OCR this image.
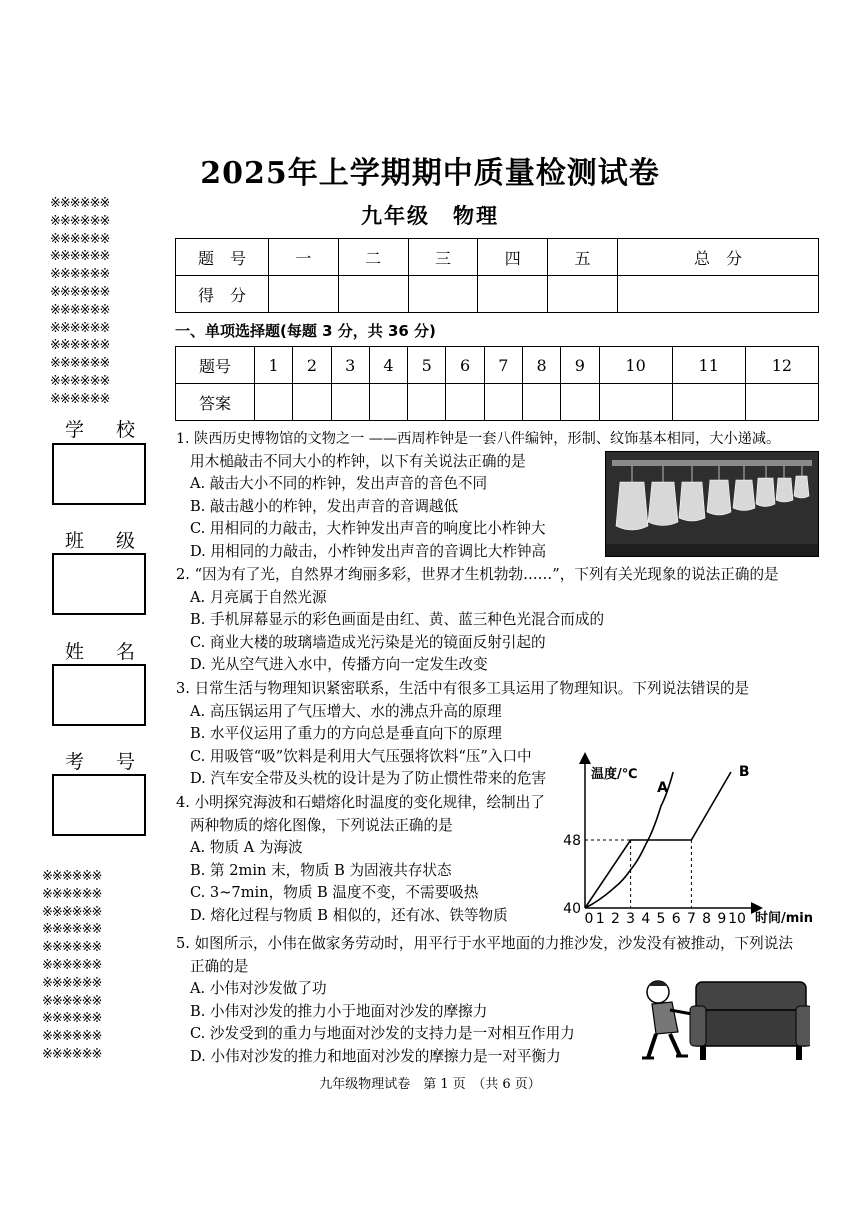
※※※※※※
※※※※※※
※※※※※※
※※※※※※
※※※※※※
※※※※※※
※※※※※※
※※※※※※
※※※※※※
※※※※※※
※※※※※※
※※※※※※
学 校
班 级
姓 名
考 号
※※※※※※
※※※※※※
※※※※※※
※※※※※※
※※※※※※
※※※※※※
※※※※※※
※※※※※※
※※※※※※
※※※※※※
※※※※※※
2025年上学期期中质量检测试卷
九年级　物理
题　号	一	二	三	四	五	总　分
得　分						
一、单项选择题(每题 3 分，共 36 分)
题号	1	2	3	4	5	6	7	8	9	10	11	12
答案												
1. 陕西历史博物馆的文物之一 ——西周柞钟是一套八件编钟，形制、纹饰基本相同，大小递减。
用木槌敲击不同大小的柞钟，以下有关说法正确的是
A. 敲击大小不同的柞钟，发出声音的音色不同
B. 敲击越小的柞钟，发出声音的音调越低
C. 用相同的力敲击，大柞钟发出声音的响度比小柞钟大
D. 用相同的力敲击，小柞钟发出声音的音调比大柞钟高
2. “因为有了光，自然界才绚丽多彩，世界才生机勃勃……”，下列有关光现象的说法正确的是
A. 月亮属于自然光源
B. 手机屏幕显示的彩色画面是由红、黄、蓝三种色光混合而成的
C. 商业大楼的玻璃墙造成光污染是光的镜面反射引起的
D. 光从空气进入水中，传播方向一定发生改变
3. 日常生活与物理知识紧密联系，生活中有很多工具运用了物理知识。下列说法错误的是
A. 高压锅运用了气压增大、水的沸点升高的原理
B. 水平仪运用了重力的方向总是垂直向下的原理
C. 用吸管“吸”饮料是利用大气压强将饮料“压”入口中
D. 汽车安全带及头枕的设计是为了防止惯性带来的危害
4. 小明探究海波和石蜡熔化时温度的变化规律，绘制出了
两种物质的熔化图像，下列说法正确的是
A. 物质 A 为海波
B. 第 2min 末，物质 B 为固液共存状态
C. 3~7min，物质 B 温度不变，不需要吸热
D. 熔化过程与物质 B 相似的，还有冰、铁等物质
温度/℃
时间/min
0 1 2 3 4 5 6 7 8 9 10
40
48
A
B
5. 如图所示，小伟在做家务劳动时，用平行于水平地面的力推沙发，沙发没有被推动，下列说法
正确的是
A. 小伟对沙发做了功
B. 小伟对沙发的推力小于地面对沙发的摩擦力
C. 沙发受到的重力与地面对沙发的支持力是一对相互作用力
D. 小伟对沙发的推力和地面对沙发的摩擦力是一对平衡力
九年级物理试卷　第 1 页　（共 6 页）
